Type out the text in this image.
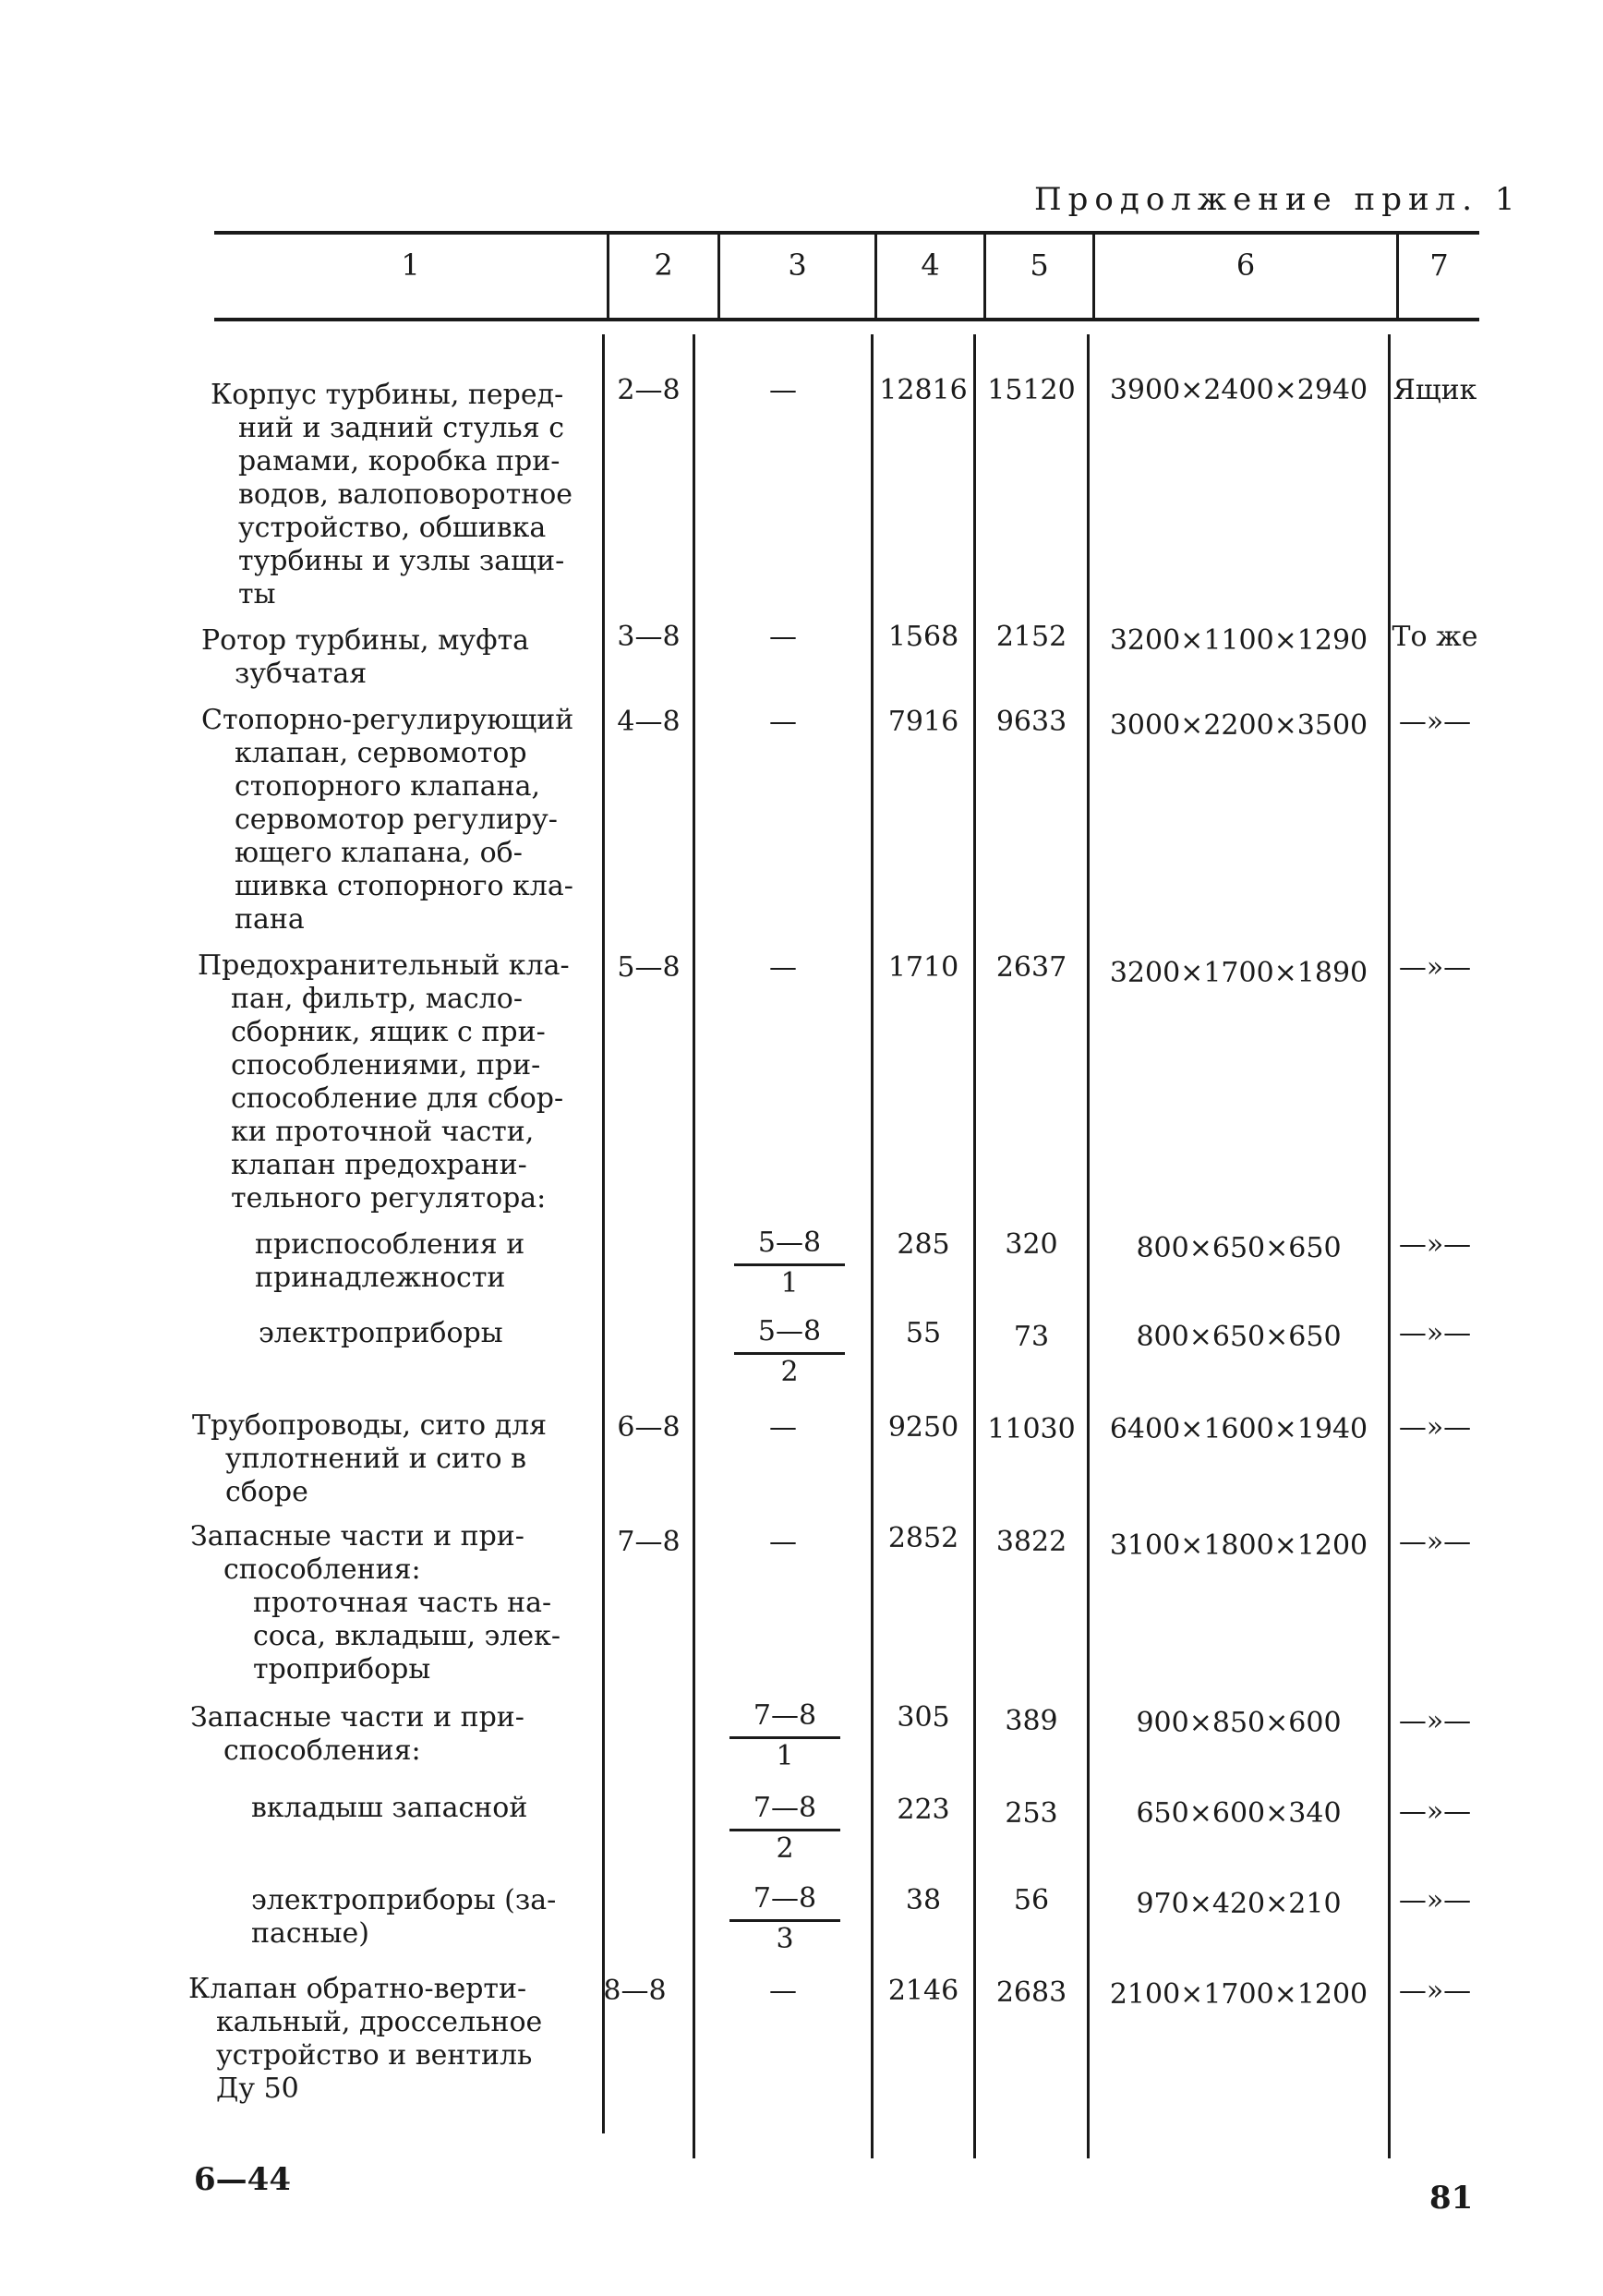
Продолжение прил. 1
1	2	3	4	5	6	7
Корпус турбины, перед-
ний и задний стулья с
рамами, коробка при-
водов, валоповоротное
устройство, обшивка
турбины и узлы защи-
ты
2—8	—	12816 15120	3900×2400×2940 Ящик
Ротор турбины, муфта
зубчатая
3—8	—	1568	2152	3200×1100×1290 То же
Стопорно-регулирующий
клапан, сервомотор
стопорного клапана,
сервомотор регулиру-
ющего клапана, об-
шивка стопорного кла-
пана
4—8	—	7916	9633	3000×2200×3500	—»—
Предохранительный кла-
пан, фильтр, масло-
сборник, ящик с при-
способлениями, при-
способление для сбор-
ки проточной части,
клапан предохрани-
тельного регулятора:
5—8	—	1710	2637	3200×1700×1890	—»—
приспособления и
принадлежности	$\frac{5—8}{1}$	285	320	800×650×650	—»—
электроприборы	$\frac{5—8}{2}$	55	73	800×650×650	—»—
Трубопроводы, сито для
уплотнений и сито в
сборе
6—8	—	9250	11030	6400×1600×1940	—»—
Запасные части и при-
способления:
проточная часть на-
соса, вкладыш, элек-
троприборы
7—8	—	2852	3822	3100×1800×1200	—»—
Запасные части и при-
способления:	$\frac{7—8}{1}$	305	389	900×850×600	—»—
вкладыш запасной	$\frac{7—8}{2}$	223	253	650×600×340	—»—
электроприборы (за-
пасные)	$\frac{7—8}{3}$	38	56	970×420×210	—»—
Клапан обратно-верти-
кальный, дроссельное
устройство и вентиль
Ду 50
8—8	—	2146	2683	2100×1700×1200	—»—
6—44	81
